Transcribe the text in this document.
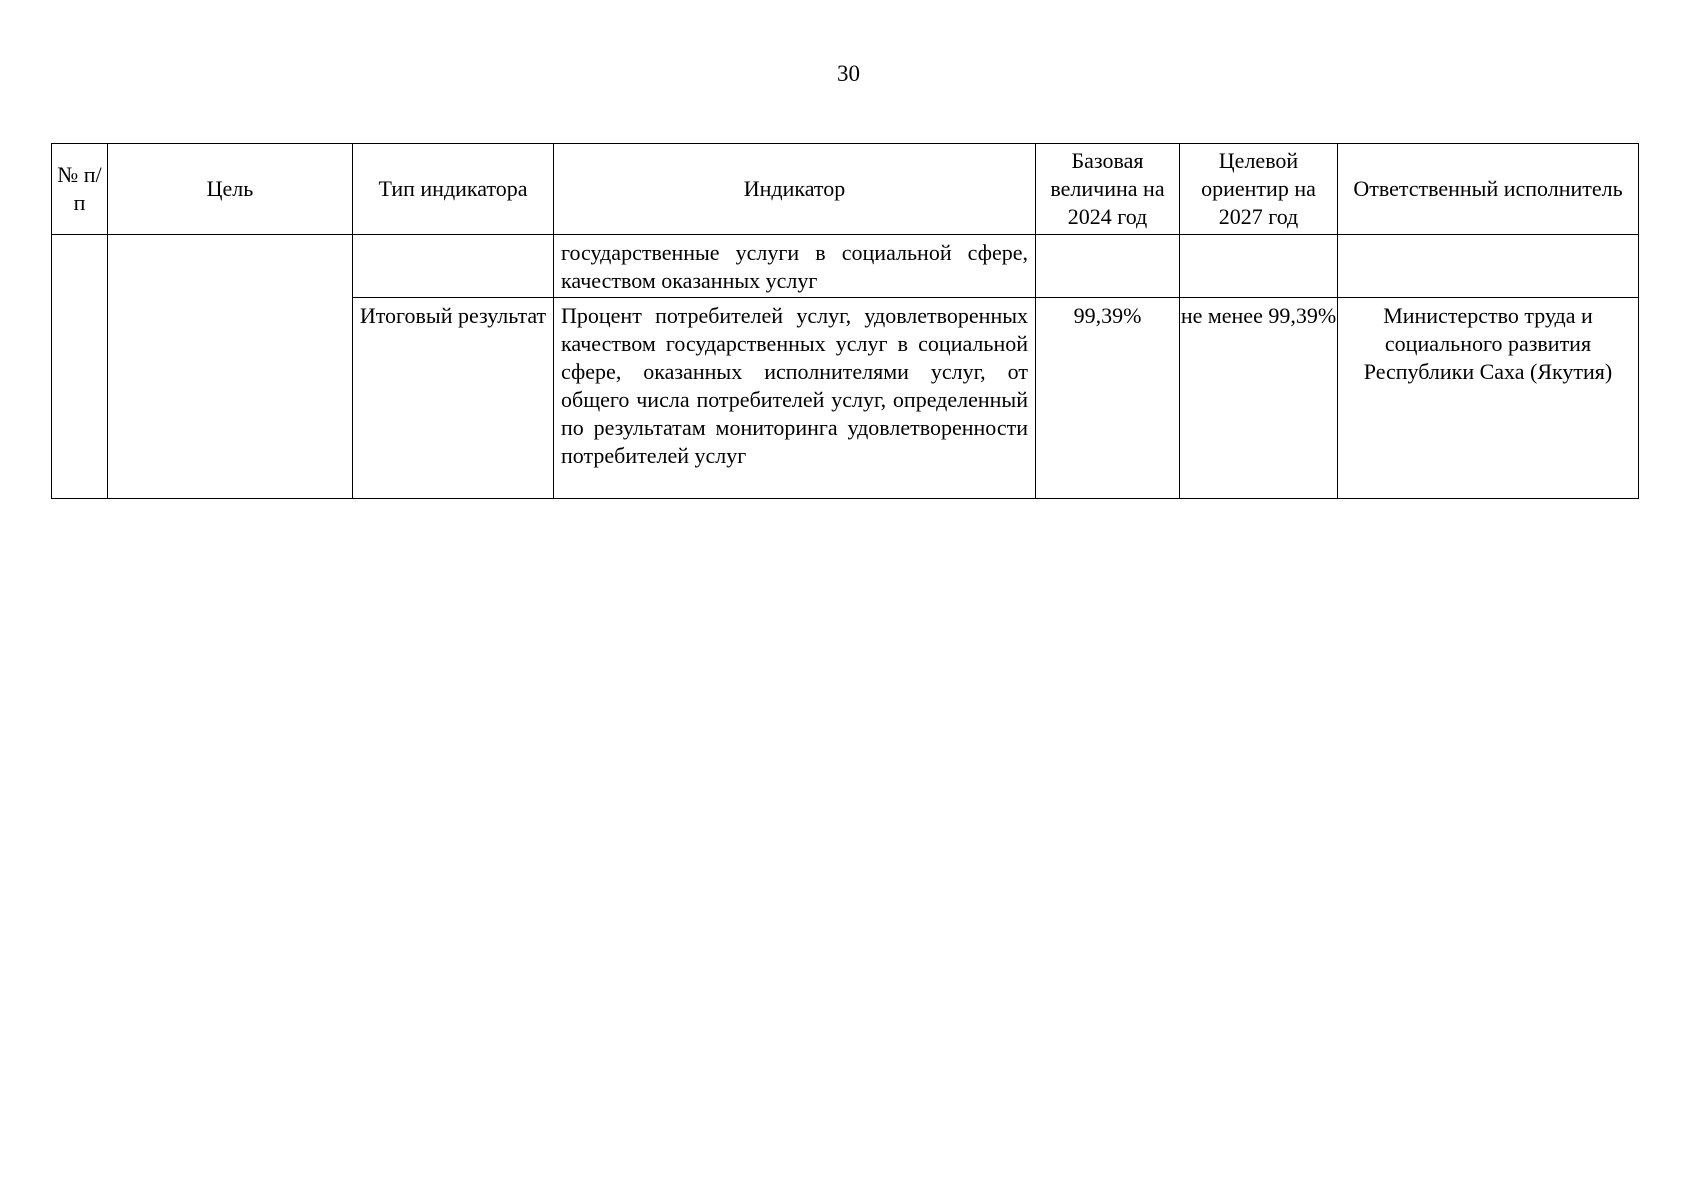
30
№ п/п	Цель	Тип индикатора	Индикатор	Базовая величина на 2024 год	Целевой ориентир на 2027 год	Ответственный исполнитель

			государственные услуги в социальной сфере, качеством оказанных услуг			

		Итоговый результат	Процент потребителей услуг, удовлетворенных качеством государственных услуг в социальной сфере, оказанных исполнителями услуг, от общего числа потребителей услуг, определенный по результатам мониторинга удовлетворенности потребителей услуг	99,39%	не менее 99,39%	Министерство труда и социального развития Республики Саха (Якутия)
